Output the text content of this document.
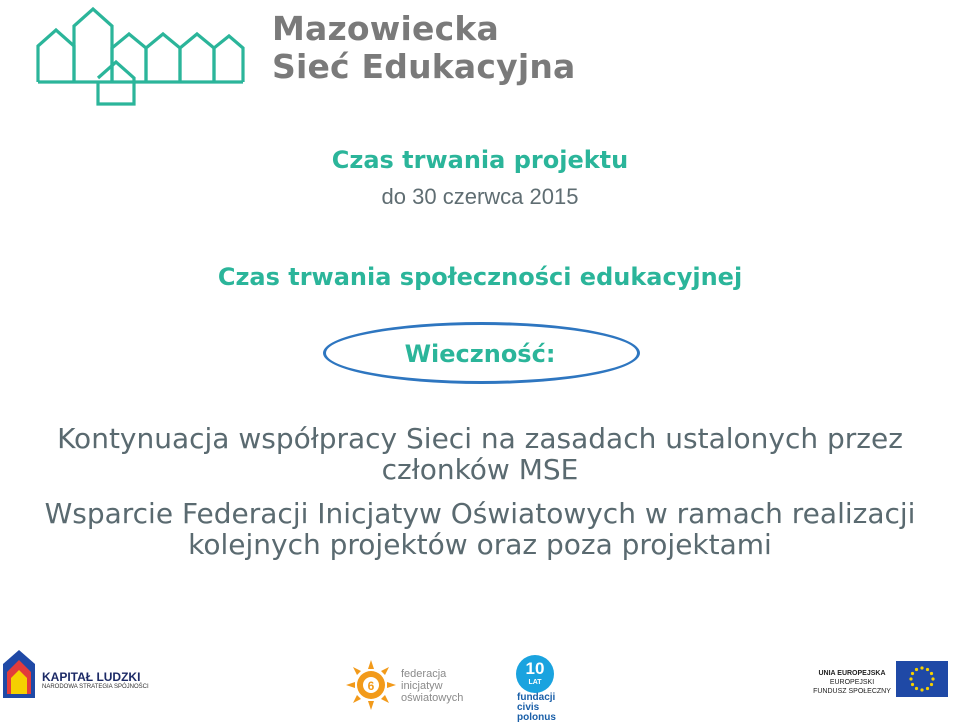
Mazowiecka
Sieć Edukacyjna
Czas trwania projektu
do 30 czerwca 2015
Czas trwania społeczności edukacyjnej
Wieczność:
Kontynuacja współpracy Sieci na zasadach ustalonych przez
członków MSE
Wsparcie Federacji Inicjatyw Oświatowych w ramach realizacji
kolejnych projektów oraz poza projektami
KAPITAŁ LUDZKI
NARODOWA STRATEGIA SPÓJNOŚCI	6
federacja
inicjatyw
oświatowych
10
LAT
fundacji
civis
polonus
UNIA EUROPEJSKA
EUROPEJSKI
FUNDUSZ SPOŁECZNY
